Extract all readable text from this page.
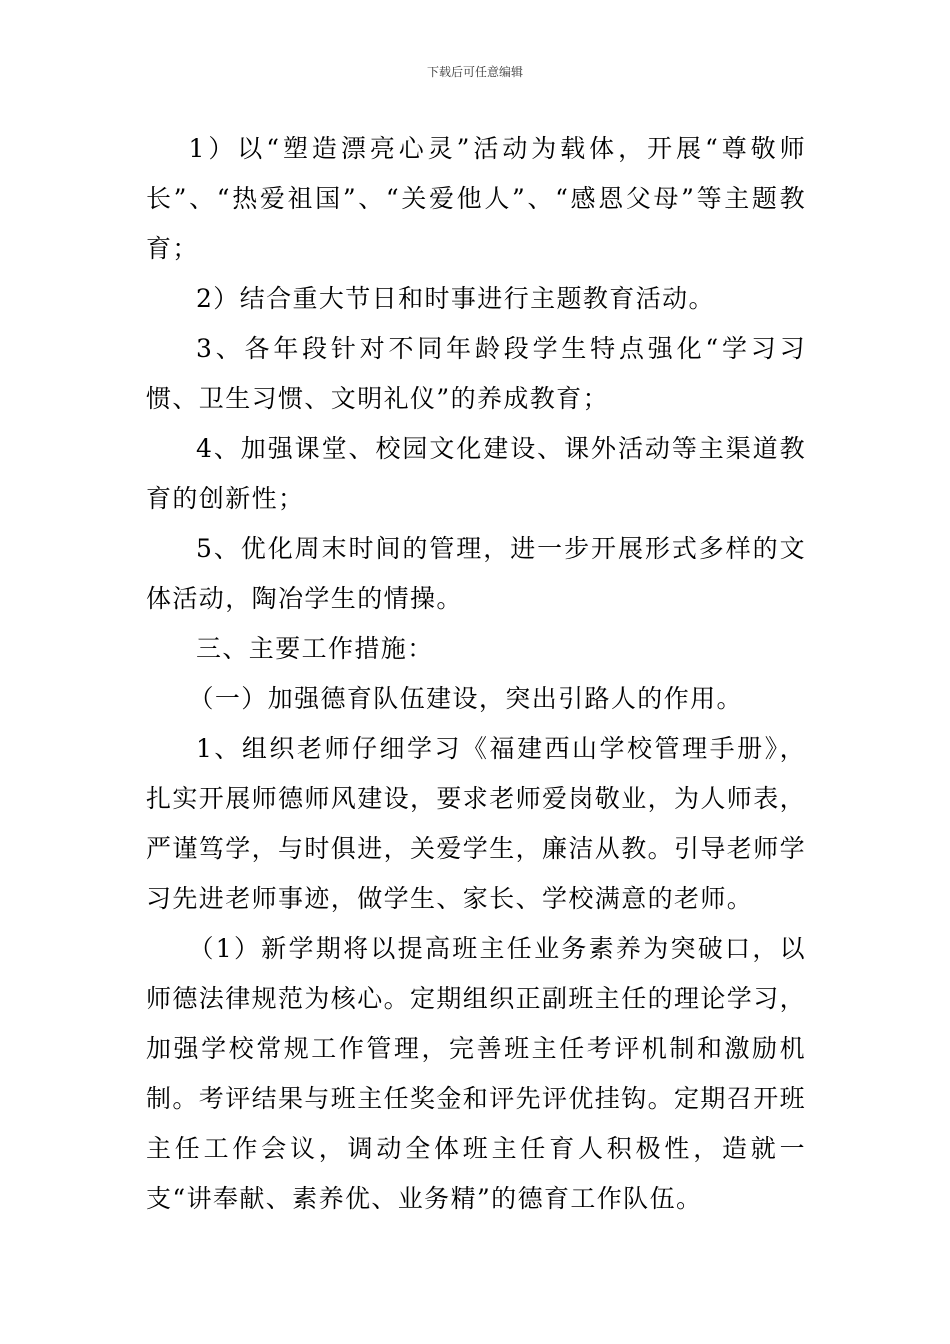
下载后可任意编辑

1）以“塑造漂亮心灵”活动为载体，开展“尊敬师长”、“热爱祖国”、“关爱他人”、“感恩父母”等主题教育；

2）结合重大节日和时事进行主题教育活动。

3、各年段针对不同年龄段学生特点强化“学习习惯、卫生习惯、文明礼仪”的养成教育；

4、加强课堂、校园文化建设、课外活动等主渠道教育的创新性；

5、优化周末时间的管理，进一步开展形式多样的文体活动，陶冶学生的情操。

三、主要工作措施：

（一）加强德育队伍建设，突出引路人的作用。

1、组织老师仔细学习《福建西山学校管理手册》，扎实开展师德师风建设，要求老师爱岗敬业，为人师表，严谨笃学，与时俱进，关爱学生，廉洁从教。引导老师学习先进老师事迹，做学生、家长、学校满意的老师。

（1）新学期将以提高班主任业务素养为突破口，以师德法律规范为核心。定期组织正副班主任的理论学习，加强学校常规工作管理，完善班主任考评机制和激励机制。考评结果与班主任奖金和评先评优挂钩。定期召开班主任工作会议，调动全体班主任育人积极性，造就一支“讲奉献、素养优、业务精”的德育工作队伍。
